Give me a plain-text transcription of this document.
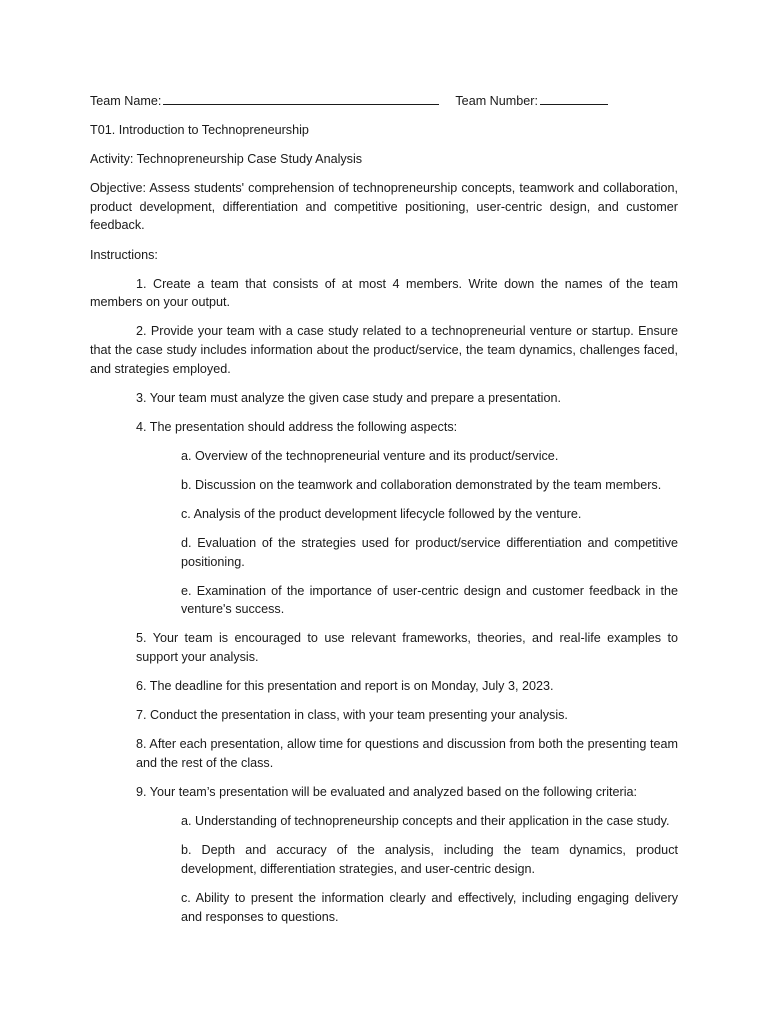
Team Name:	Team Number:

T01. Introduction to Technopreneurship

Activity: Technopreneurship Case Study Analysis

Objective: Assess students' comprehension of technopreneurship concepts, teamwork and collaboration, product development, differentiation and competitive positioning, user-centric design, and customer feedback.

Instructions:

1. Create a team that consists of at most 4 members. Write down the names of the team members on your output.

2. Provide your team with a case study related to a technopreneurial venture or startup. Ensure that the case study includes information about the product/service, the team dynamics, challenges faced, and strategies employed.

3. Your team must analyze the given case study and prepare a presentation.

4. The presentation should address the following aspects:

a. Overview of the technopreneurial venture and its product/service.

b. Discussion on the teamwork and collaboration demonstrated by the team members.

c. Analysis of the product development lifecycle followed by the venture.

d. Evaluation of the strategies used for product/service differentiation and competitive positioning.

e. Examination of the importance of user-centric design and customer feedback in the venture's success.

5. Your team is encouraged to use relevant frameworks, theories, and real-life examples to support your analysis.

6. The deadline for this presentation and report is on Monday, July 3, 2023.

7. Conduct the presentation in class, with your team presenting your analysis.

8. After each presentation, allow time for questions and discussion from both the presenting team and the rest of the class.

9. Your team’s presentation will be evaluated and analyzed based on the following criteria:

a. Understanding of technopreneurship concepts and their application in the case study.

b. Depth and accuracy of the analysis, including the team dynamics, product development, differentiation strategies, and user-centric design.

c. Ability to present the information clearly and effectively, including engaging delivery and responses to questions.
